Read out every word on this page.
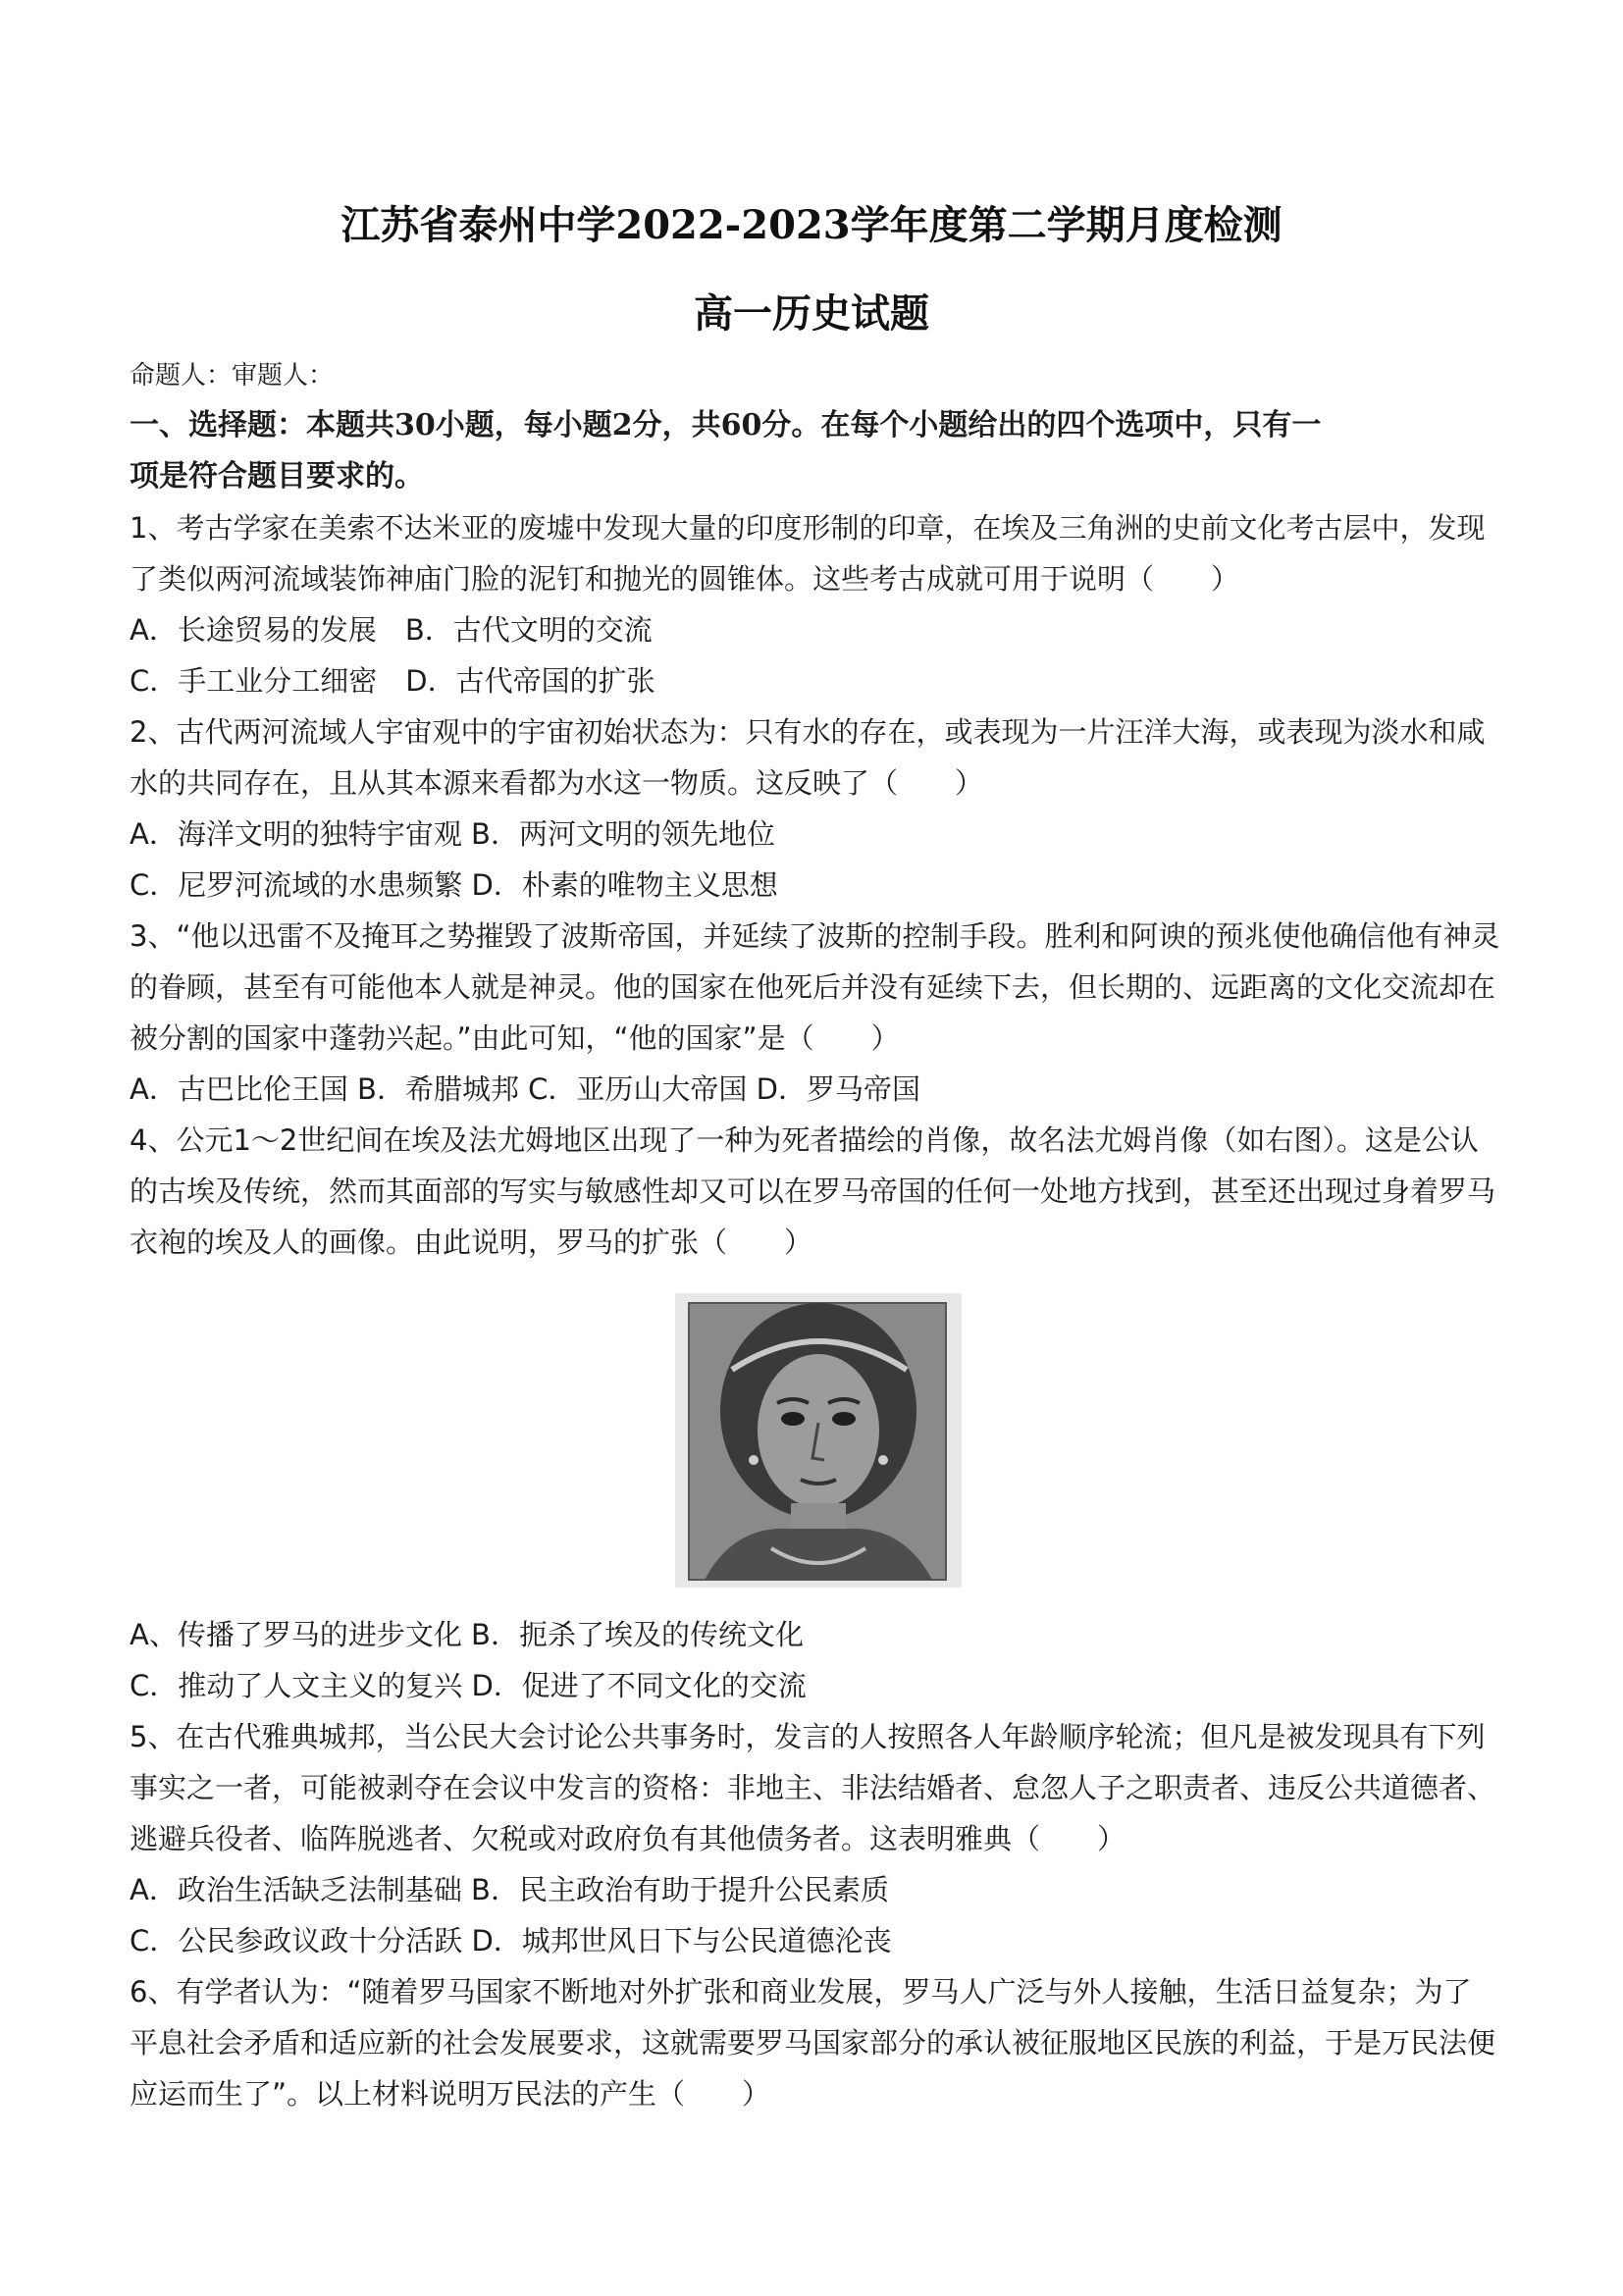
江苏省泰州中学2022-2023学年度第二学期月度检测
高一历史试题
命题人：审题人：
一、选择题：本题共30小题，每小题2分，共60分。在每个小题给出的四个选项中，只有一
项是符合题目要求的。
1、考古学家在美索不达米亚的废墟中发现大量的印度形制的印章，在埃及三角洲的史前文化考古层中，发现
了类似两河流域装饰神庙门脸的泥钉和抛光的圆锥体。这些考古成就可用于说明（　　）
A．长途贸易的发展　B．古代文明的交流
C．手工业分工细密　D．古代帝国的扩张
2、古代两河流域人宇宙观中的宇宙初始状态为：只有水的存在，或表现为一片汪洋大海，或表现为淡水和咸
水的共同存在，且从其本源来看都为水这一物质。这反映了（　　）
A．海洋文明的独特宇宙观 B．两河文明的领先地位
C．尼罗河流域的水患频繁 D．朴素的唯物主义思想
3、“他以迅雷不及掩耳之势摧毁了波斯帝国，并延续了波斯的控制手段。胜利和阿谀的预兆使他确信他有神灵
的眷顾，甚至有可能他本人就是神灵。他的国家在他死后并没有延续下去，但长期的、远距离的文化交流却在
被分割的国家中蓬勃兴起。”由此可知，“他的国家”是（　　）
A．古巴比伦王国 B．希腊城邦 C．亚历山大帝国 D．罗马帝国
4、公元1～2世纪间在埃及法尤姆地区出现了一种为死者描绘的肖像，故名法尤姆肖像（如右图）。这是公认
的古埃及传统，然而其面部的写实与敏感性却又可以在罗马帝国的任何一处地方找到，甚至还出现过身着罗马
衣袍的埃及人的画像。由此说明，罗马的扩张（　　）
A、传播了罗马的进步文化 B．扼杀了埃及的传统文化
C．推动了人文主义的复兴 D．促进了不同文化的交流
5、在古代雅典城邦，当公民大会讨论公共事务时，发言的人按照各人年龄顺序轮流；但凡是被发现具有下列
事实之一者，可能被剥夺在会议中发言的资格：非地主、非法结婚者、怠忽人子之职责者、违反公共道德者、
逃避兵役者、临阵脱逃者、欠税或对政府负有其他债务者。这表明雅典（　　）
A．政治生活缺乏法制基础 B．民主政治有助于提升公民素质
C．公民参政议政十分活跃 D．城邦世风日下与公民道德沦丧
6、有学者认为：“随着罗马国家不断地对外扩张和商业发展，罗马人广泛与外人接触，生活日益复杂；为了
平息社会矛盾和适应新的社会发展要求，这就需要罗马国家部分的承认被征服地区民族的利益，于是万民法便
应运而生了”。以上材料说明万民法的产生（　　）
